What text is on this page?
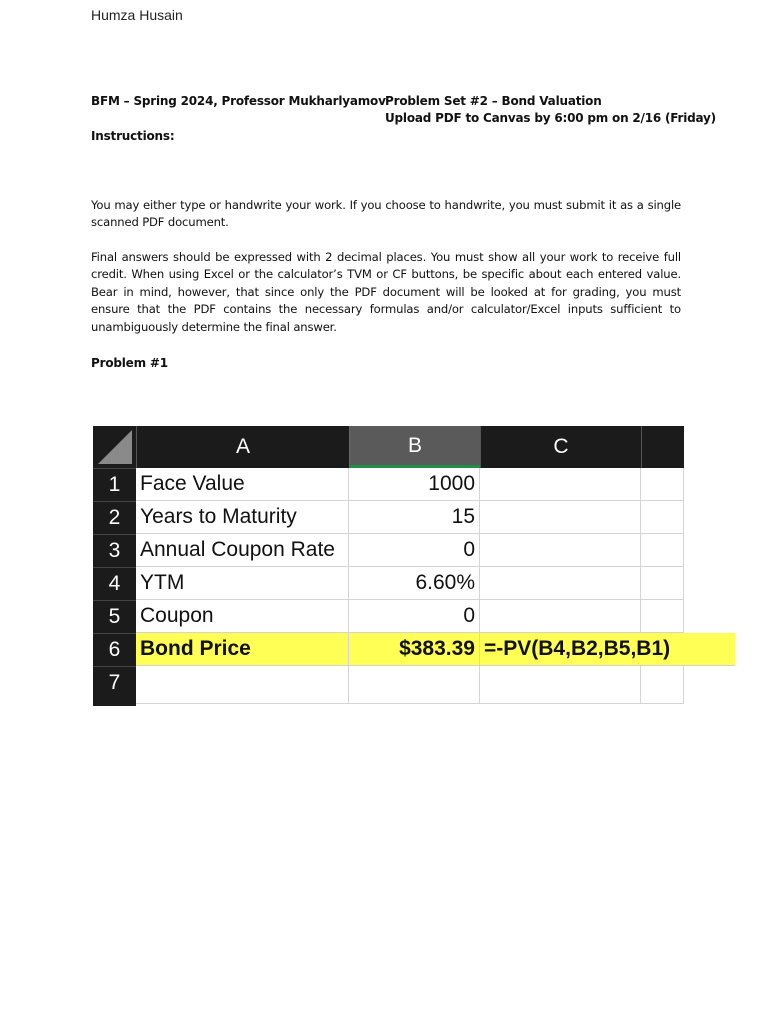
Humza Husain
BFM – Spring 2024, Professor Mukharlyamov Problem Set #2 – Bond Valuation
Upload PDF to Canvas by 6:00 pm on 2/16 (Friday)
Instructions:
You may either type or handwrite your work. If you choose to handwrite, you must submit it as a single scanned PDF document.
Final answers should be expressed with 2 decimal places. You must show all your work to receive full credit. When using Excel or the calculator’s TVM or CF buttons, be specific about each entered value. Bear in mind, however, that since only the PDF document will be looked at for grading, you must ensure that the PDF contains the necessary formulas and/or calculator/Excel inputs sufficient to unambiguously determine the final answer.
Problem #1
A	B	C
1 Face Value	1000
2 Years to Maturity	15
3 Annual Coupon Rate	0
4 YTM	6.60%
5 Coupon	0
6 Bond Price	$383.39 =-PV(B4,B2,B5,B1)
7
